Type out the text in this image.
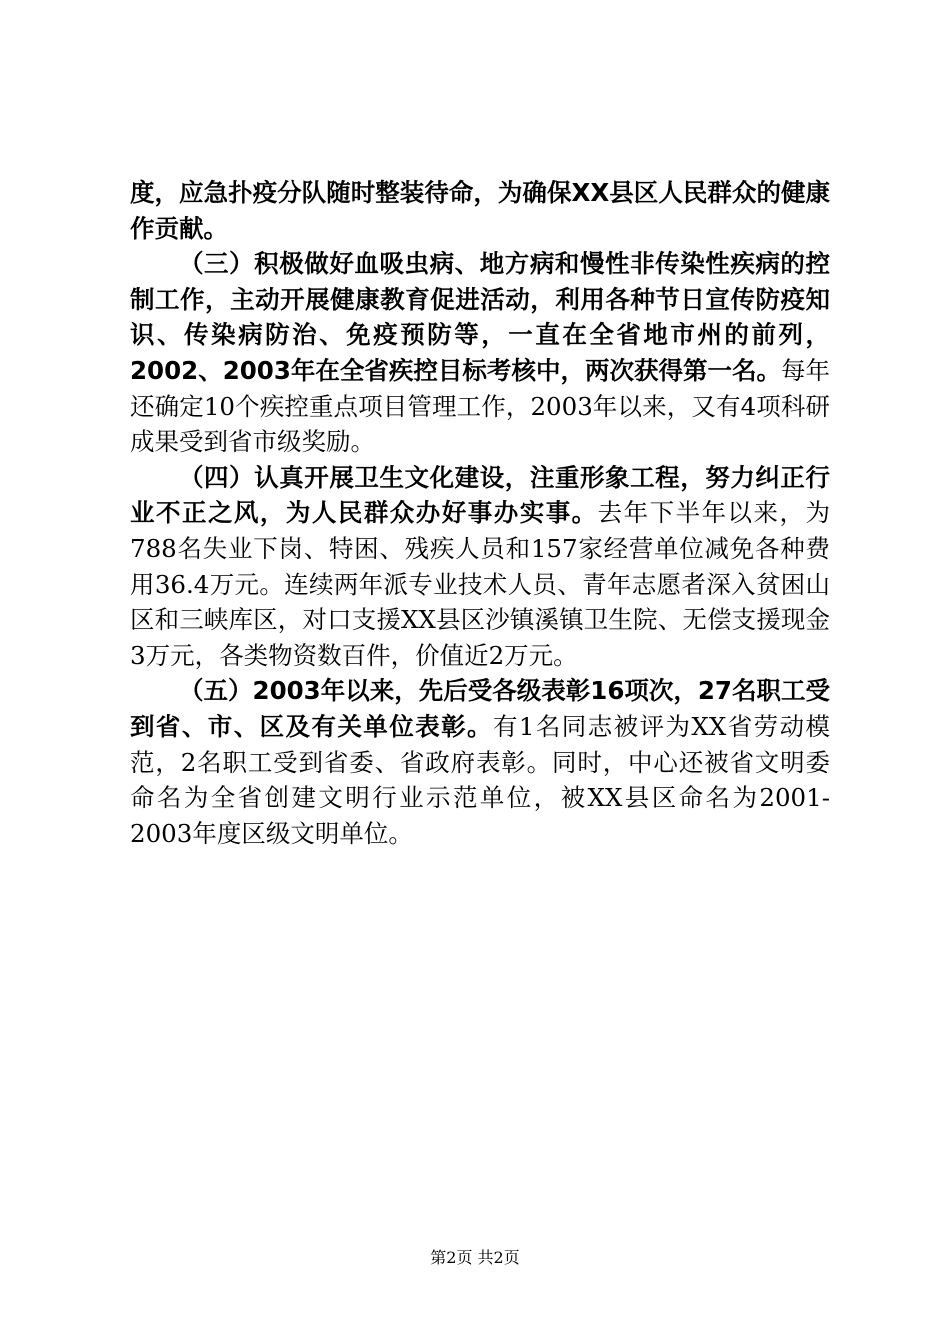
度，应急扑疫分队随时整装待命，为确保XX县区人民群众的健康作贡献。

（三）积极做好血吸虫病、地方病和慢性非传染性疾病的控制工作，主动开展健康教育促进活动，利用各种节日宣传防疫知识、传染病防治、免疫预防等，一直在全省地市州的前列，2002、2003年在全省疾控目标考核中，两次获得第一名。每年还确定10个疾控重点项目管理工作，2003年以来，又有4项科研成果受到省市级奖励。

（四）认真开展卫生文化建设，注重形象工程，努力纠正行业不正之风，为人民群众办好事办实事。去年下半年以来，为788名失业下岗、特困、残疾人员和157家经营单位减免各种费用36.4万元。连续两年派专业技术人员、青年志愿者深入贫困山区和三峡库区，对口支援XX县区沙镇溪镇卫生院、无偿支援现金3万元，各类物资数百件，价值近2万元。

（五）2003年以来，先后受各级表彰16项次，27名职工受到省、市、区及有关单位表彰。有1名同志被评为XX省劳动模范，2名职工受到省委、省政府表彰。同时，中心还被省文明委命名为全省创建文明行业示范单位，被XX县区命名为2001-2003年度区级文明单位。

第2页 共2页
